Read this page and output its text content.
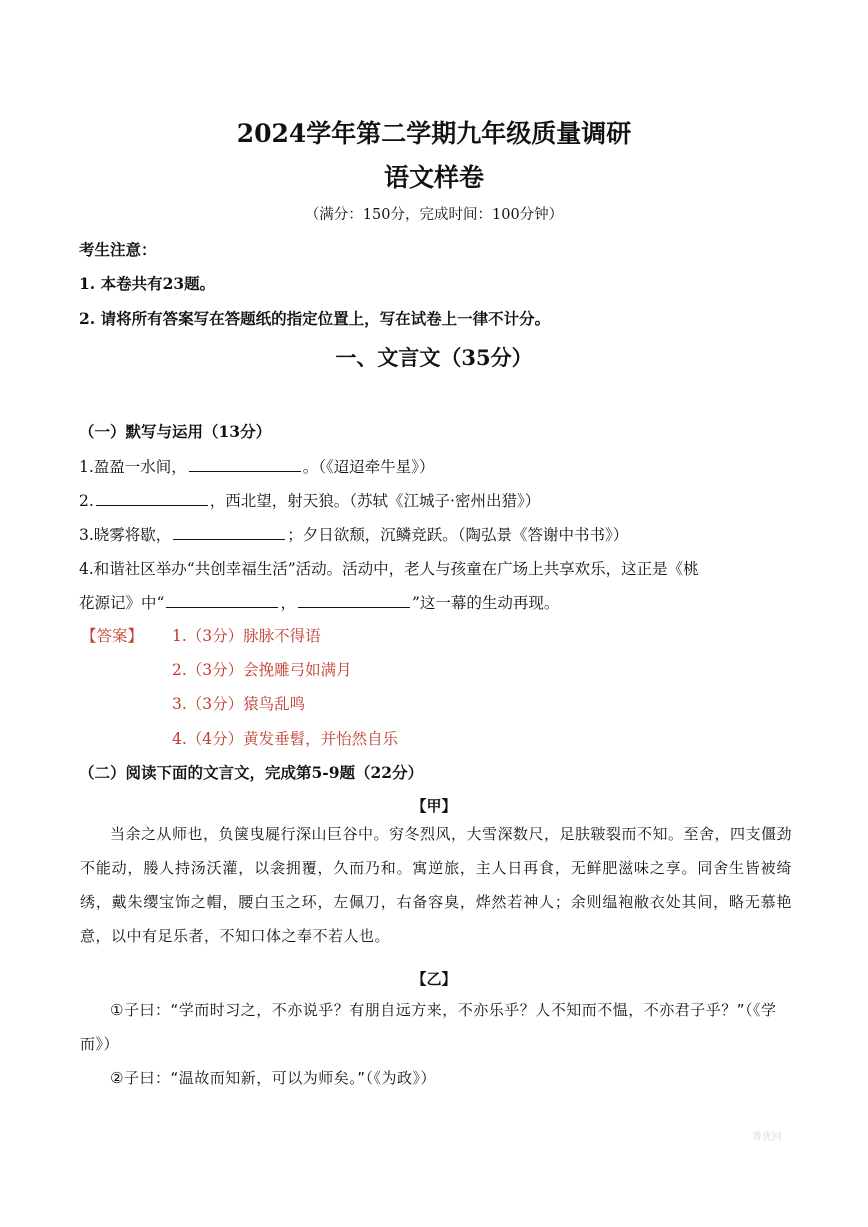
2024学年第二学期九年级质量调研
语文样卷
（满分：150分，完成时间：100分钟）
考生注意：
1. 本卷共有23题。
2. 请将所有答案写在答题纸的指定位置上，写在试卷上一律不计分。
一、文言文（35分）
（一）默写与运用（13分）
1.盈盈一水间，	。（《迢迢牵牛星》）
2.	，西北望，射天狼。（苏轼《江城子·密州出猎》）
3.晓雾将歇，	；夕日欲颓，沉鳞竞跃。（陶弘景《答谢中书书》）
4.和谐社区举办“共创幸福生活”活动。活动中，老人与孩童在广场上共享欢乐，这正是《桃
花源记》中“	，	”这一幕的生动再现。
【答案】 1.（3分）脉脉不得语
2.（3分）会挽雕弓如满月
3.（3分）猿鸟乱鸣
4.（4分）黄发垂髫，并怡然自乐
（二）阅读下面的文言文，完成第5-9题（22分）
【甲】
当余之从师也，负箧曳屣行深山巨谷中。穷冬烈风，大雪深数尺，足肤皲裂而不知。至舍，四支僵劲不能动，媵人持汤沃灌，以衾拥覆，久而乃和。寓逆旅，主人日再食，无鲜肥滋味之享。同舍生皆被绮绣，戴朱缨宝饰之帽，腰白玉之环，左佩刀，右备容臭，烨然若神人；余则缊袍敝衣处其间，略无慕艳意，以中有足乐者，不知口体之奉不若人也。
【乙】
①子曰：“学而时习之，不亦说乎？有朋自远方来，不亦乐乎？人不知而不愠，不亦君子乎？”（《学而》）
②子曰：“温故而知新，可以为师矣。”（《为政》）
菁优网
